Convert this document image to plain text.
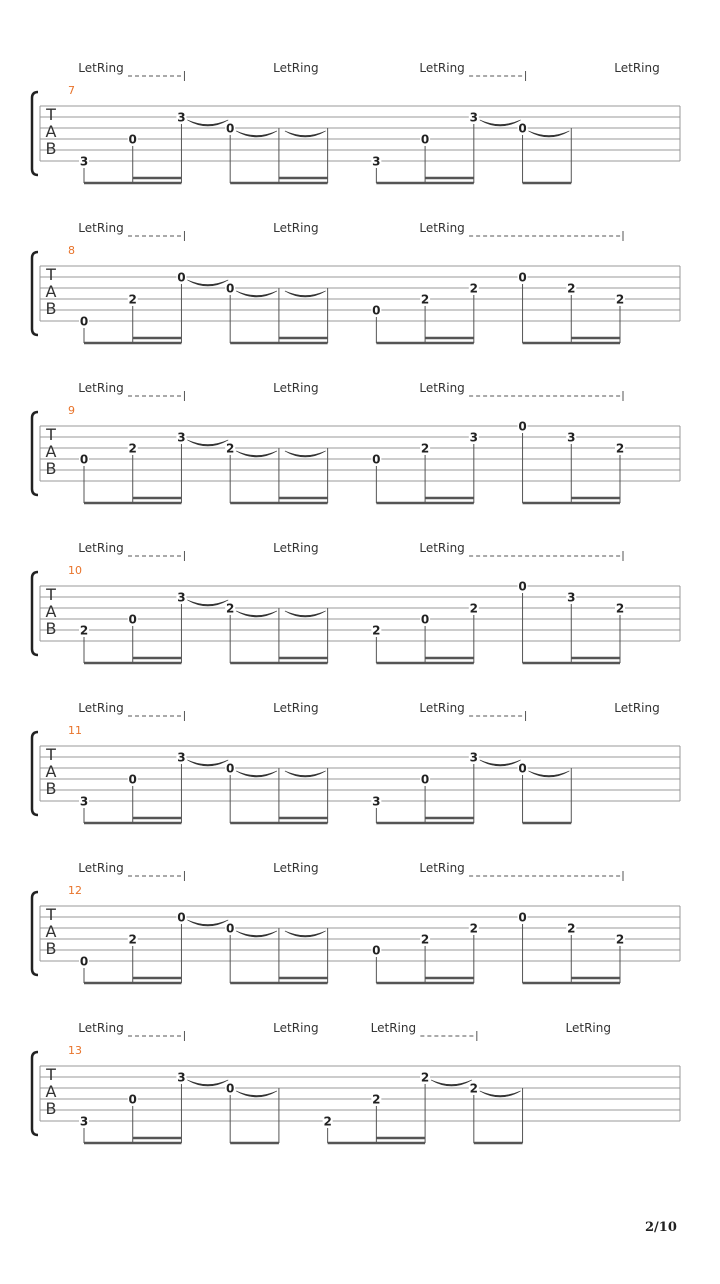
T
A
B
7
LetRing	LetRing	LetRing	LetRing
3
0
3
0
3
0
3
0
T
A
B
8
LetRing	LetRing	LetRing
0
2
0
0
0
2
2
0
2
2
T
A
B
9
LetRing	LetRing	LetRing
0
2
3
2
0
2
3
0
3
2
T
A
B
10
LetRing	LetRing	LetRing
2
0
3
2
2
0
2
0
3
2
T
A
B
11
LetRing	LetRing	LetRing	LetRing
3
0
3
0
3
0
3
0
T
A
B
12
LetRing	LetRing	LetRing
0
2
0
0
0
2
2
0
2
2
T
A
B
13
LetRing	LetRing	LetRing	LetRing
3
0
3
0
2
2
2
2
2/10
